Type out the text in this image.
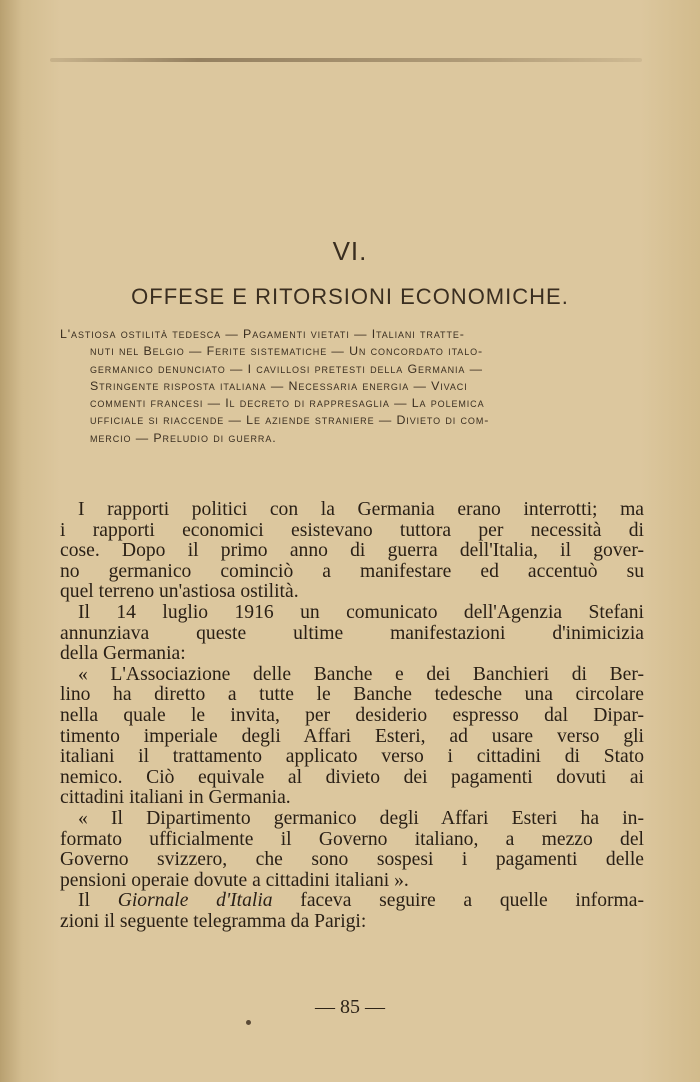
VI.
OFFESE E RITORSIONI ECONOMICHE.
L'astiosa ostilità tedesca — Pagamenti vietati — Italiani tratte-
nuti nel Belgio — Ferite sistematiche — Un concordato italo-
germanico denunciato — I cavillosi pretesti della Germania —
Stringente risposta italiana — Necessaria energia — Vivaci
commenti francesi — Il decreto di rappresaglia — La polemica
ufficiale si riaccende — Le aziende straniere — Divieto di com-
mercio — Preludio di guerra.
I rapporti politici con la Germania erano interrotti; ma
i rapporti economici esistevano tuttora per necessità di
cose. Dopo il primo anno di guerra dell'Italia, il gover-
no germanico cominciò a manifestare ed accentuò su
quel terreno un'astiosa ostilità.
Il 14 luglio 1916 un comunicato dell'Agenzia Stefani
annunziava queste ultime manifestazioni d'inimicizia
della Germania:
« L'Associazione delle Banche e dei Banchieri di Ber-
lino ha diretto a tutte le Banche tedesche una circolare
nella quale le invita, per desiderio espresso dal Dipar-
timento imperiale degli Affari Esteri, ad usare verso gli
italiani il trattamento applicato verso i cittadini di Stato
nemico. Ciò equivale al divieto dei pagamenti dovuti ai
cittadini italiani in Germania.
« Il Dipartimento germanico degli Affari Esteri ha in-
formato ufficialmente il Governo italiano, a mezzo del
Governo svizzero, che sono sospesi i pagamenti delle
pensioni operaie dovute a cittadini italiani ».
Il Giornale d'Italia faceva seguire a quelle informa-
zioni il seguente telegramma da Parigi:
— 85 —
